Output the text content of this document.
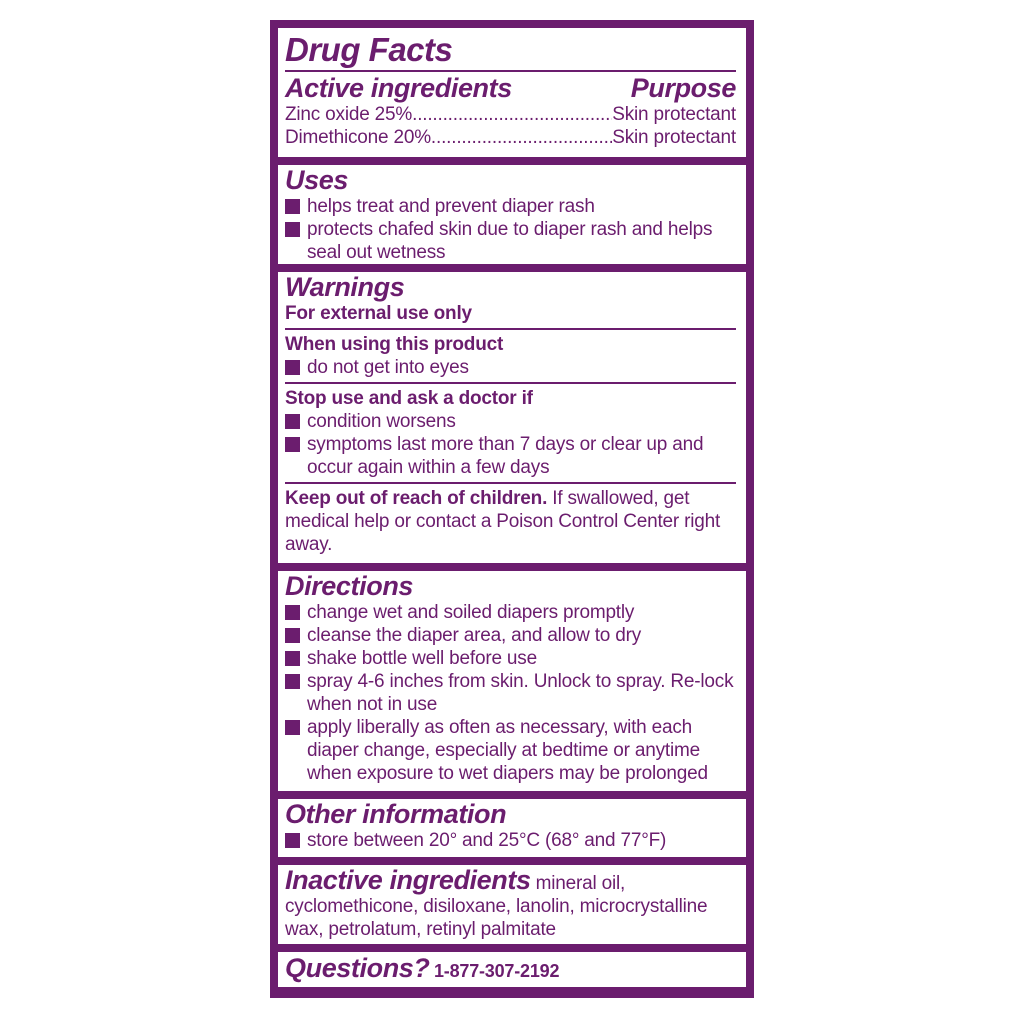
Drug Facts
Active ingredients	Purpose
Zinc oxide 25% .....	Skin protectant
Dimethicone 20% .....	Skin protectant
Uses
helps treat and prevent diaper rash
protects chafed skin due to diaper rash and helps seal out wetness
Warnings
For external use only
When using this product
do not get into eyes
Stop use and ask a doctor if
condition worsens
symptoms last more than 7 days or clear up and occur again within a few days
Keep out of reach of children. If swallowed, get medical help or contact a Poison Control Center right away.
Directions
change wet and soiled diapers promptly
cleanse the diaper area, and allow to dry
shake bottle well before use
spray 4-6 inches from skin. Unlock to spray. Re-lock when not in use
apply liberally as often as necessary, with each diaper change, especially at bedtime or anytime when exposure to wet diapers may be prolonged
Other information
store between 20° and 25°C (68° and 77°F)
Inactive ingredients mineral oil, cyclomethicone, disiloxane, lanolin, microcrystalline wax, petrolatum, retinyl palmitate
Questions? 1-877-307-2192
